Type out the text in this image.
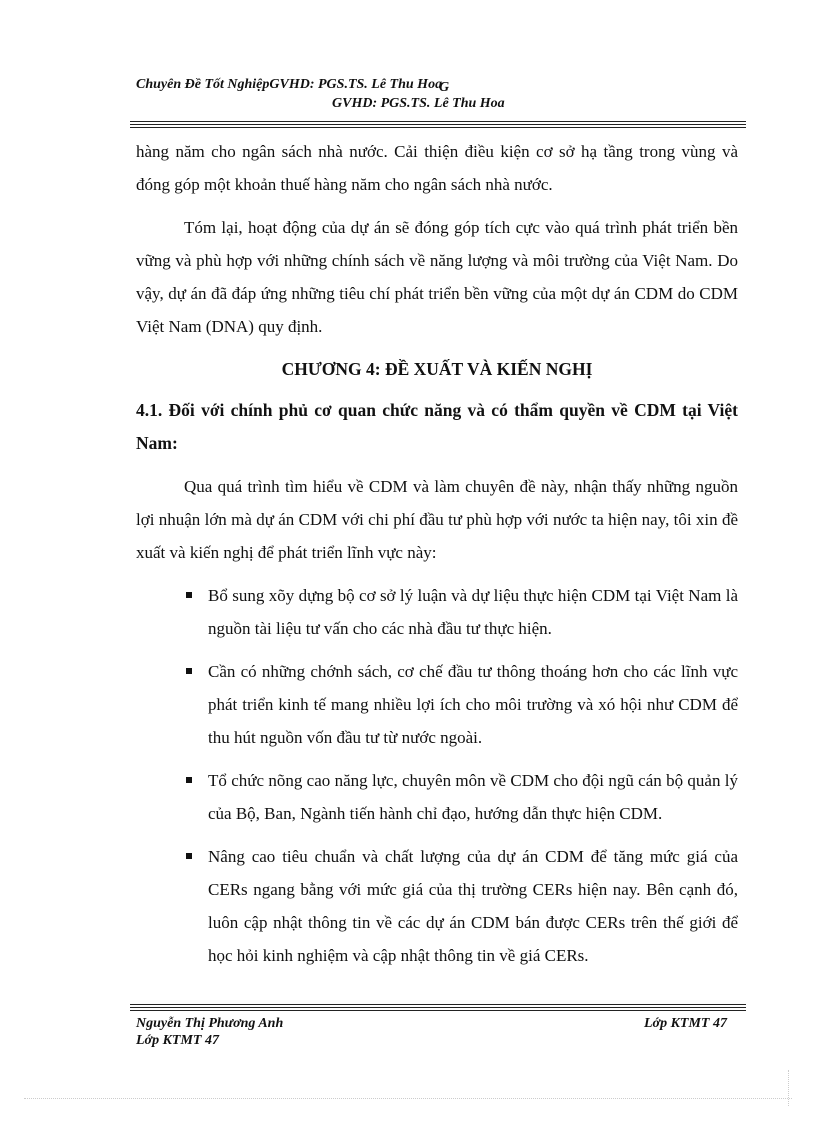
Chuyên Đề Tốt NghiệpGVHD: PGS.TS. Lê Thu Hoa
G
GVHD: PGS.TS. Lê Thu Hoa

hàng năm cho ngân sách nhà nước. Cải thiện điều kiện cơ sở hạ tầng trong vùng và đóng góp một khoản thuế hàng năm cho ngân sách nhà nước.

Tóm lại, hoạt động của dự án sẽ đóng góp tích cực vào quá trình phát triển bền vững và phù hợp với những chính sách về năng lượng và môi trường của Việt Nam. Do vậy, dự án đã đáp ứng những tiêu chí phát triển bền vững của một dự án CDM do CDM Việt Nam (DNA) quy định.

CHƯƠNG 4: ĐỀ XUẤT VÀ KIẾN NGHỊ

4.1. Đối với chính phủ cơ quan chức năng và có thẩm quyền về CDM tại Việt Nam:

Qua quá trình tìm hiểu về CDM và làm chuyên đề này, nhận thấy những nguồn lợi nhuận lớn mà dự án CDM với chi phí đầu tư phù hợp với nước ta hiện nay, tôi xin đề xuất và kiến nghị để phát triển lĩnh vực này:

Bổ sung xõy dựng bộ cơ sở lý luận và dự liệu thực hiện CDM tại Việt Nam là nguồn tài liệu tư vấn cho các nhà đầu tư thực hiện.
Cần có những chớnh sách, cơ chế đầu tư thông thoáng hơn cho các lĩnh vực phát triển kinh tế mang nhiều lợi ích cho môi trường và xó hội như CDM để thu hút nguồn vốn đầu tư từ nước ngoài.
Tổ chức nõng cao năng lực, chuyên môn về CDM cho đội ngũ cán bộ quản lý của Bộ, Ban, Ngành tiến hành chỉ đạo, hướng dẫn thực hiện CDM.
Nâng cao tiêu chuẩn và chất lượng của dự án CDM để tăng mức giá của CERs ngang bằng với mức giá của thị trường CERs hiện nay. Bên cạnh đó, luôn cập nhật thông tin về các dự án CDM bán được CERs trên thế giới để học hỏi kinh nghiệm và cập nhật thông tin về giá CERs.
Nguyễn Thị Phương Anh	Lớp KTMT 47
Lớp KTMT 47
